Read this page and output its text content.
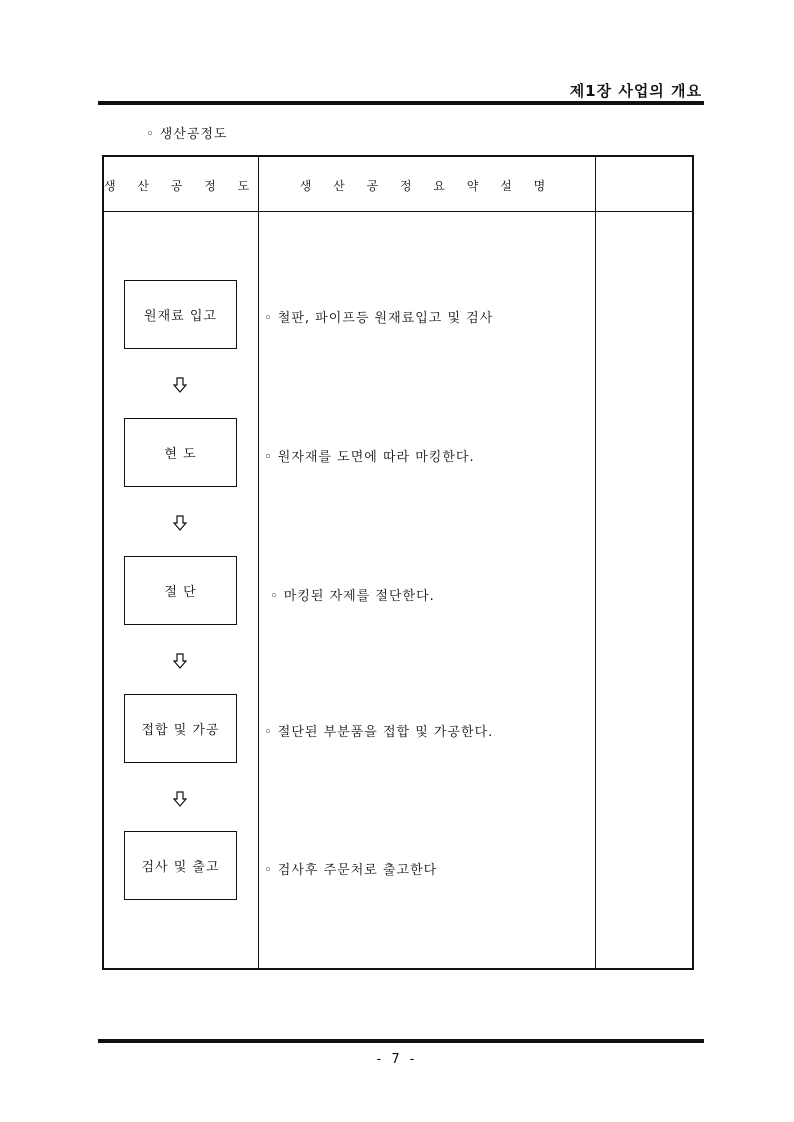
제1장 사업의 개요
◦ 생산공정도
생 산 공 정 도	생 산 공 정 요 약 설 명
원재료 입고	◦ 철판, 파이프등 원재료입고 및 검사
현 도	◦ 원자재를 도면에 따라 마킹한다.
절 단	◦ 마킹된 자제를 절단한다.
접합 및 가공	◦ 절단된 부분품을 접합 및 가공한다.
검사 및 출고	◦ 검사후 주문처로 출고한다
- 7 -
